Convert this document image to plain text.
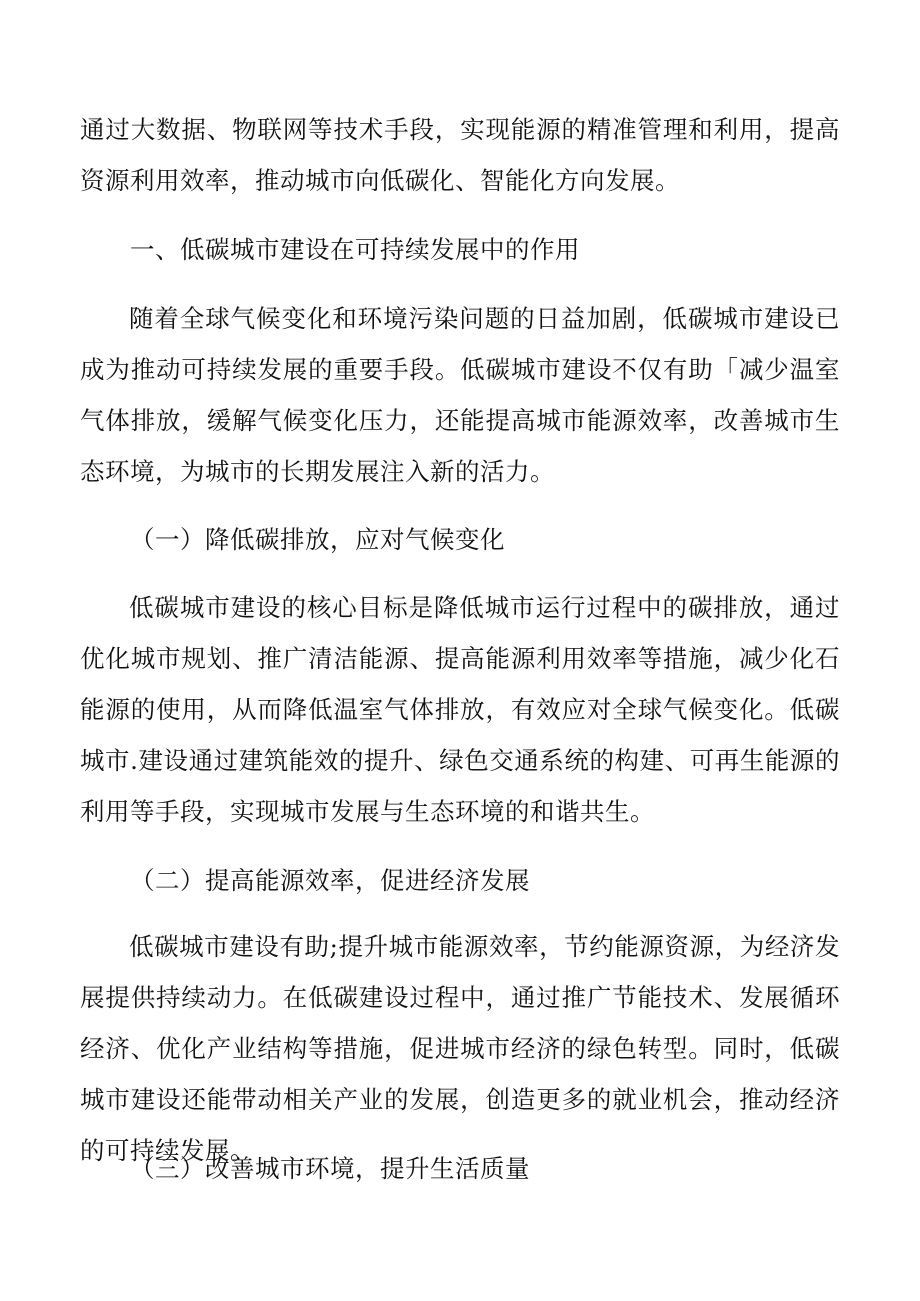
通过大数据、物联网等技术手段，实现能源的精准管理和利用，提高资源利用效率，推动城市向低碳化、智能化方向发展。

一、低碳城市建设在可持续发展中的作用

随着全球气候变化和环境污染问题的日益加剧，低碳城市建设已成为推动可持续发展的重要手段。低碳城市建设不仅有助「减少温室气体排放，缓解气候变化压力，还能提高城市能源效率，改善城市生态环境，为城市的长期发展注入新的活力。

（一）降低碳排放，应对气候变化

低碳城市建设的核心目标是降低城市运行过程中的碳排放，通过优化城市规划、推广清洁能源、提高能源利用效率等措施，减少化石能源的使用，从而降低温室气体排放，有效应对全球气候变化。低碳城市.建设通过建筑能效的提升、绿色交通系统的构建、可再生能源的利用等手段，实现城市发展与生态环境的和谐共生。

（二）提高能源效率，促进经济发展

低碳城市建设有助;提升城市能源效率，节约能源资源，为经济发展提供持续动力。在低碳建设过程中，通过推广节能技术、发展循环经济、优化产业结构等措施，促进城市经济的绿色转型。同时，低碳城市建设还能带动相关产业的发展，创造更多的就业机会，推动经济的可持续发展。

（三）改善城市环境，提升生活质量
